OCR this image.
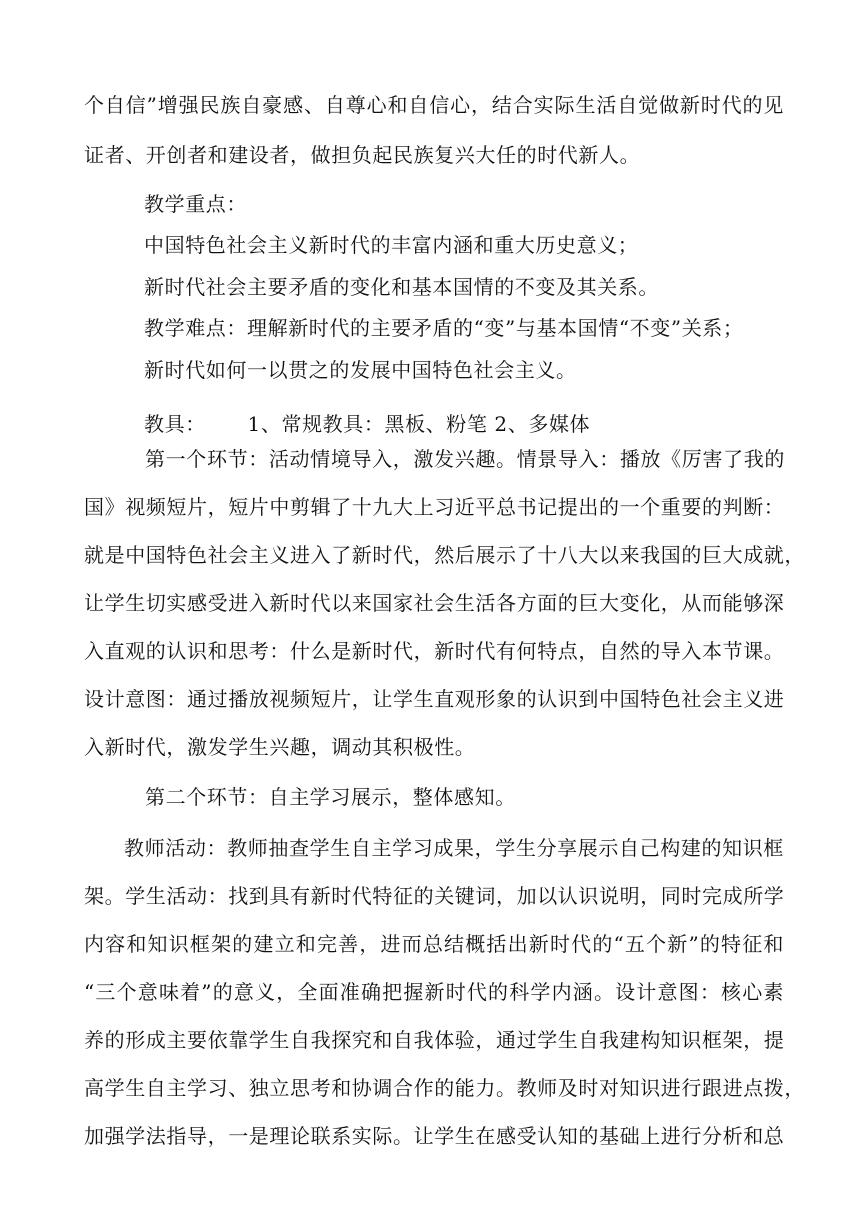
个自信”增强民族自豪感、自尊心和自信心，结合实际生活自觉做新时代的见
证者、开创者和建设者，做担负起民族复兴大任的时代新人。
教学重点：
中国特色社会主义新时代的丰富内涵和重大历史意义；
新时代社会主要矛盾的变化和基本国情的不变及其关系。
教学难点：理解新时代的主要矛盾的“变”与基本国情“不变”关系；
新时代如何一以贯之的发展中国特色社会主义。
教具：      1、常规教具：黑板、粉笔 2、多媒体
第一个环节：活动情境导入，激发兴趣。情景导入：播放《厉害了我的
国》视频短片，短片中剪辑了十九大上习近平总书记提出的一个重要的判断：
就是中国特色社会主义进入了新时代，然后展示了十八大以来我国的巨大成就，
让学生切实感受进入新时代以来国家社会生活各方面的巨大变化，从而能够深
入直观的认识和思考：什么是新时代，新时代有何特点，自然的导入本节课。
设计意图：通过播放视频短片，让学生直观形象的认识到中国特色社会主义进
入新时代，激发学生兴趣，调动其积极性。
第二个环节：自主学习展示，整体感知。
教师活动：教师抽查学生自主学习成果，学生分享展示自己构建的知识框
架。学生活动：找到具有新时代特征的关键词，加以认识说明，同时完成所学
内容和知识框架的建立和完善，进而总结概括出新时代的“五个新”的特征和
“三个意味着”的意义，全面准确把握新时代的科学内涵。设计意图：核心素
养的形成主要依靠学生自我探究和自我体验，通过学生自我建构知识框架，提
高学生自主学习、独立思考和协调合作的能力。教师及时对知识进行跟进点拨，
加强学法指导，一是理论联系实际。让学生在感受认知的基础上进行分析和总
